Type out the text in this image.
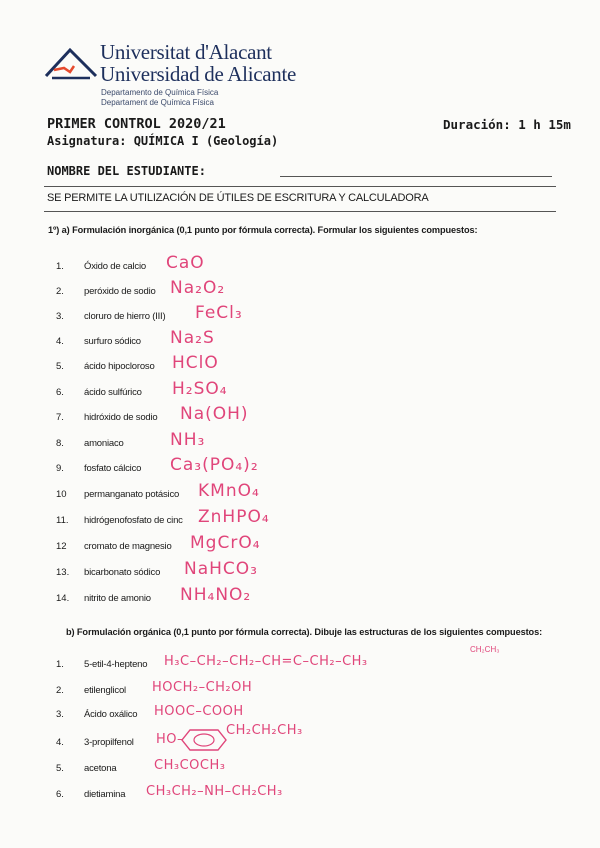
Universitat d'Alacant
Universidad de Alicante
Departamento de Química Física
Departament de Química Física
PRIMER CONTROL 2020/21
Asignatura: QUÍMICA I (Geología)
Duración: 1 h 15m
NOMBRE DEL ESTUDIANTE:
SE PERMITE LA UTILIZACIÓN DE ÚTILES DE ESCRITURA Y CALCULADORA
1º) a) Formulación inorgánica (0,1 punto por fórmula correcta). Formular los siguientes compuestos:
1. Óxido de calcio CaO
2. peróxido de sodio Na₂O₂
3. cloruro de hierro (III) FeCl₃
4. surfuro sódico Na₂S
5. ácido hipocloroso HClO
6. ácido sulfúrico H₂SO₄
7. hidróxido de sodio Na(OH)
8. amoniaco	NH₃
9. fosfato cálcico Ca₃(PO₄)₂
10 permanganato potásico KMnO₄
11. hidrógenofosfato de cinc ZnHPO₄
12 cromato de magnesio MgCrO₄
13. bicarbonato sódico NaHCO₃
14. nitrito de amonio NH₄NO₂
b) Formulación orgánica (0,1 punto por fórmula correcta). Dibuje las estructuras de los siguientes compuestos:
1. 5-etil-4-hepteno H₃C–CH₂–CH₂–CH=C–CH₂–CH₃
CH₂CH₃
2. etilenglicol HOCH₂–CH₂OH
3. Ácido oxálico HOOC–COOH
4. 3-propilfenol HO–
CH₂CH₂CH₃
5. acetona	CH₃COCH₃
6. dietiamina CH₃CH₂–NH–CH₂CH₃
